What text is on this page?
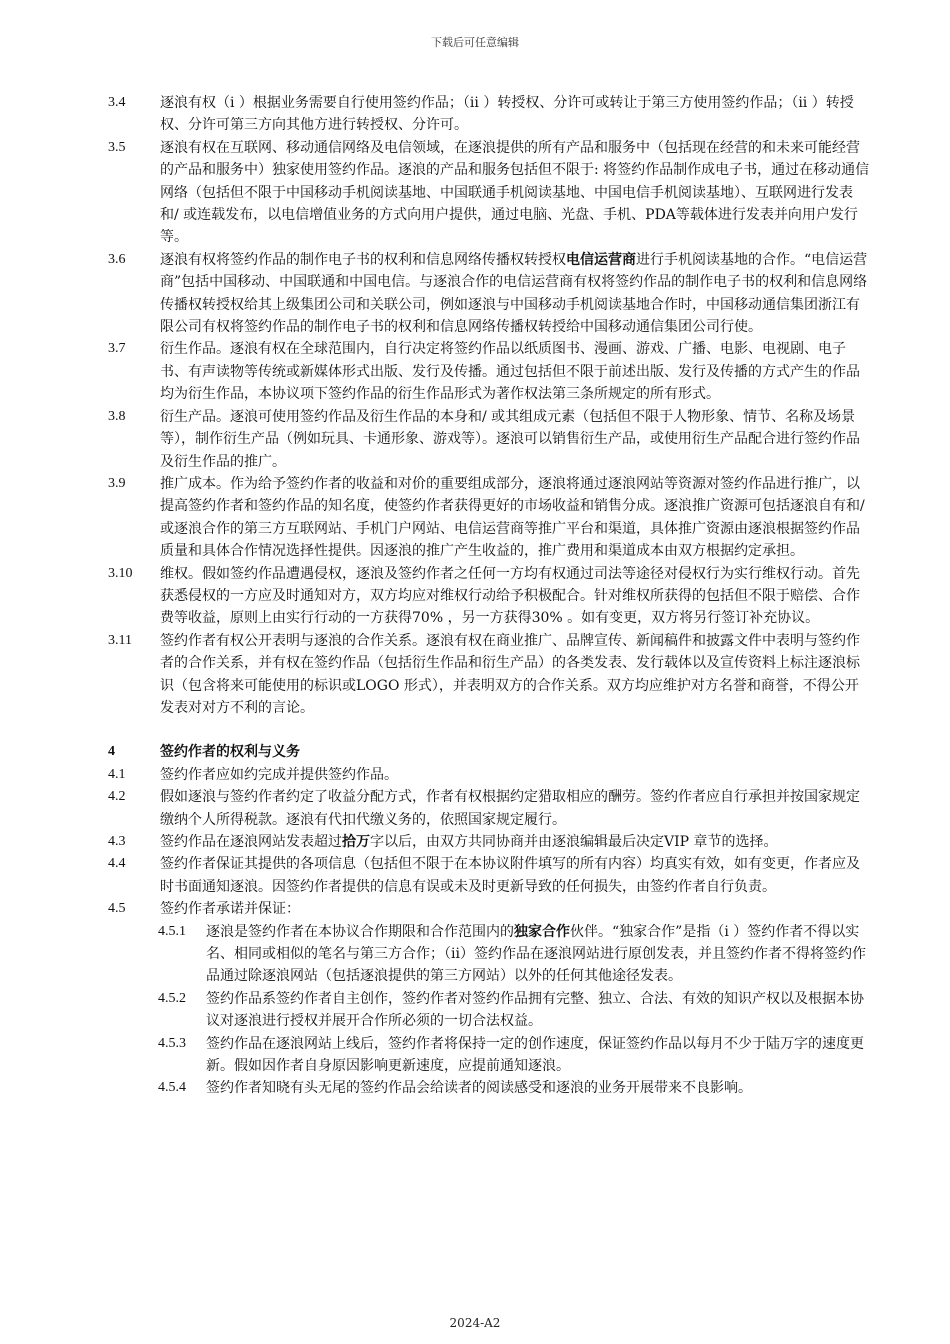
下载后可任意编辑
3.4	逐浪有权（i ）根据业务需要自行使用签约作品；（ii ）转授权、分许可或转让于第三方使用签约作品；（ii ）转授权、分许可第三方向其他方进行转授权、分许可。
3.5	逐浪有权在互联网、移动通信网络及电信领域，在逐浪提供的所有产品和服务中（包括现在经营的和未来可能经营的产品和服务中）独家使用签约作品。逐浪的产品和服务包括但不限于: 将签约作品制作成电子书，通过在移动通信网络（包括但不限于中国移动手机阅读基地、中国联通手机阅读基地、中国电信手机阅读基地）、互联网进行发表和/ 或连载发布，以电信增值业务的方式向用户提供，通过电脑、光盘、手机、PDA等载体进行发表并向用户发行等。
3.6	逐浪有权将签约作品的制作电子书的权利和信息网络传播权转授权电信运营商进行手机阅读基地的合作。“电信运营商”包括中国移动、中国联通和中国电信。与逐浪合作的电信运营商有权将签约作品的制作电子书的权利和信息网络传播权转授权给其上级集团公司和关联公司，例如逐浪与中国移动手机阅读基地合作时，中国移动通信集团浙江有限公司有权将签约作品的制作电子书的权利和信息网络传播权转授给中国移动通信集团公司行使。
3.7	衍生作品。逐浪有权在全球范围内，自行决定将签约作品以纸质图书、漫画、游戏、广播、电影、电视剧、电子书、有声读物等传统或新媒体形式出版、发行及传播。通过包括但不限于前述出版、发行及传播的方式产生的作品均为衍生作品，本协议项下签约作品的衍生作品形式为著作权法第三条所规定的所有形式。
3.8	衍生产品。逐浪可使用签约作品及衍生作品的本身和/ 或其组成元素（包括但不限于人物形象、情节、名称及场景等），制作衍生产品（例如玩具、卡通形象、游戏等）。逐浪可以销售衍生产品，或使用衍生产品配合进行签约作品及衍生作品的推广。
3.9	推广成本。作为给予签约作者的收益和对价的重要组成部分，逐浪将通过逐浪网站等资源对签约作品进行推广，以提高签约作者和签约作品的知名度，使签约作者获得更好的市场收益和销售分成。逐浪推广资源可包括逐浪自有和/ 或逐浪合作的第三方互联网站、手机门户网站、电信运营商等推广平台和渠道，具体推广资源由逐浪根据签约作品质量和具体合作情况选择性提供。因逐浪的推广产生收益的，推广费用和渠道成本由双方根据约定承担。
3.10	维权。假如签约作品遭遇侵权，逐浪及签约作者之任何一方均有权通过司法等途径对侵权行为实行维权行动。首先获悉侵权的一方应及时通知对方，双方均应对维权行动给予积极配合。针对维权所获得的包括但不限于赔偿、合作费等收益，原则上由实行行动的一方获得70% ，另一方获得30% 。如有变更，双方将另行签订补充协议。
3.11	签约作者有权公开表明与逐浪的合作关系。逐浪有权在商业推广、品牌宣传、新闻稿件和披露文件中表明与签约作者的合作关系，并有权在签约作品（包括衍生作品和衍生产品）的各类发表、发行载体以及宣传资料上标注逐浪标识（包含将来可能使用的标识或LOGO 形式），并表明双方的合作关系。双方均应维护对方名誉和商誉，不得公开发表对对方不利的言论。
4	签约作者的权利与义务
4.1	签约作者应如约完成并提供签约作品。
4.2	假如逐浪与签约作者约定了收益分配方式，作者有权根据约定猎取相应的酬劳。签约作者应自行承担并按国家规定缴纳个人所得税款。逐浪有代扣代缴义务的，依照国家规定履行。
4.3	签约作品在逐浪网站发表超过拾万字以后，由双方共同协商并由逐浪编辑最后决定VIP 章节的选择。
4.4	签约作者保证其提供的各项信息（包括但不限于在本协议附件填写的所有内容）均真实有效，如有变更，作者应及时书面通知逐浪。因签约作者提供的信息有误或未及时更新导致的任何损失，由签约作者自行负责。
4.5	签约作者承诺并保证：
4.5.1	逐浪是签约作者在本协议合作期限和合作范围内的独家合作伙伴。“独家合作”是指（i ）签约作者不得以实名、相同或相似的笔名与第三方合作；（ii）签约作品在逐浪网站进行原创发表，并且签约作者不得将签约作品通过除逐浪网站（包括逐浪提供的第三方网站）以外的任何其他途径发表。
4.5.2	签约作品系签约作者自主创作，签约作者对签约作品拥有完整、独立、合法、有效的知识产权以及根据本协议对逐浪进行授权并展开合作所必须的一切合法权益。
4.5.3	签约作品在逐浪网站上线后，签约作者将保持一定的创作速度，保证签约作品以每月不少于陆万字的速度更新。假如因作者自身原因影响更新速度，应提前通知逐浪。
4.5.4	签约作者知晓有头无尾的签约作品会给读者的阅读感受和逐浪的业务开展带来不良影响。
2024-A2
